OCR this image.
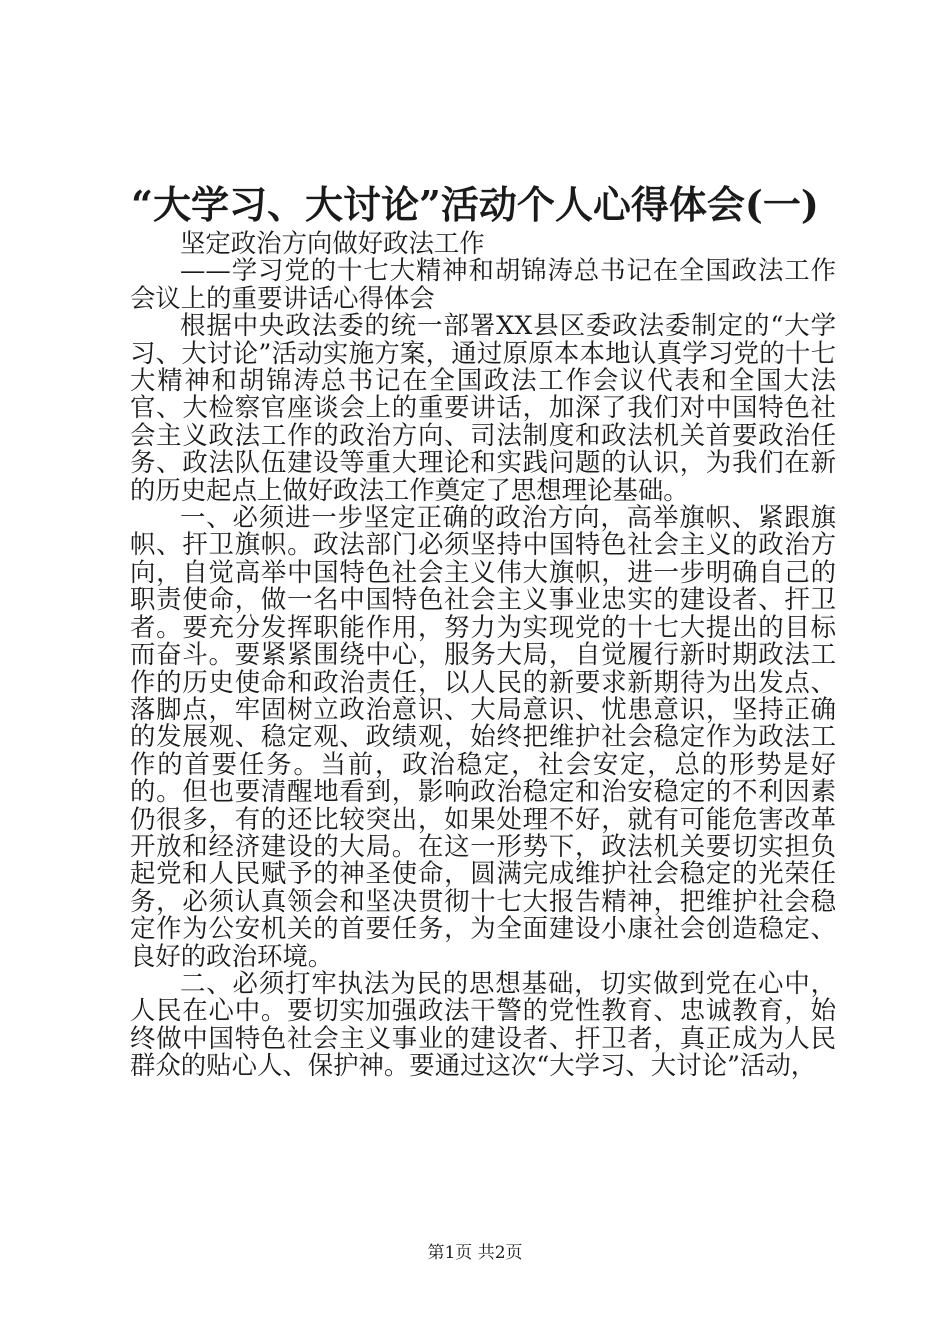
“大学习、大讨论”活动个人心得体会(一)

坚定政治方向做好政法工作

——学习党的十七大精神和胡锦涛总书记在全国政法工作会议上的重要讲话心得体会

根据中央政法委的统一部署XX县区委政法委制定的“大学习、大讨论”活动实施方案，通过原原本本地认真学习党的十七大精神和胡锦涛总书记在全国政法工作会议代表和全国大法官、大检察官座谈会上的重要讲话，加深了我们对中国特色社会主义政法工作的政治方向、司法制度和政法机关首要政治任务、政法队伍建设等重大理论和实践问题的认识，为我们在新的历史起点上做好政法工作奠定了思想理论基础。

一、必须进一步坚定正确的政治方向，高举旗帜、紧跟旗帜、扞卫旗帜。政法部门必须坚持中国特色社会主义的政治方向，自觉高举中国特色社会主义伟大旗帜，进一步明确自己的职责使命，做一名中国特色社会主义事业忠实的建设者、扞卫者。要充分发挥职能作用，努力为实现党的十七大提出的目标而奋斗。要紧紧围绕中心，服务大局，自觉履行新时期政法工作的历史使命和政治责任，以人民的新要求新期待为出发点、落脚点，牢固树立政治意识、大局意识、忧患意识，坚持正确的发展观、稳定观、政绩观，始终把维护社会稳定作为政法工作的首要任务。当前，政治稳定，社会安定，总的形势是好的。但也要清醒地看到，影响政治稳定和治安稳定的不利因素仍很多，有的还比较突出，如果处理不好，就有可能危害改革开放和经济建设的大局。在这一形势下，政法机关要切实担负起党和人民赋予的神圣使命，圆满完成维护社会稳定的光荣任务，必须认真领会和坚决贯彻十七大报告精神，把维护社会稳定作为公安机关的首要任务，为全面建设小康社会创造稳定、良好的政治环境。

二、必须打牢执法为民的思想基础，切实做到党在心中，人民在心中。要切实加强政法干警的党性教育、忠诚教育，始终做中国特色社会主义事业的建设者、扞卫者，真正成为人民群众的贴心人、保护神。要通过这次“大学习、大讨论”活动，

第1页 共2页
